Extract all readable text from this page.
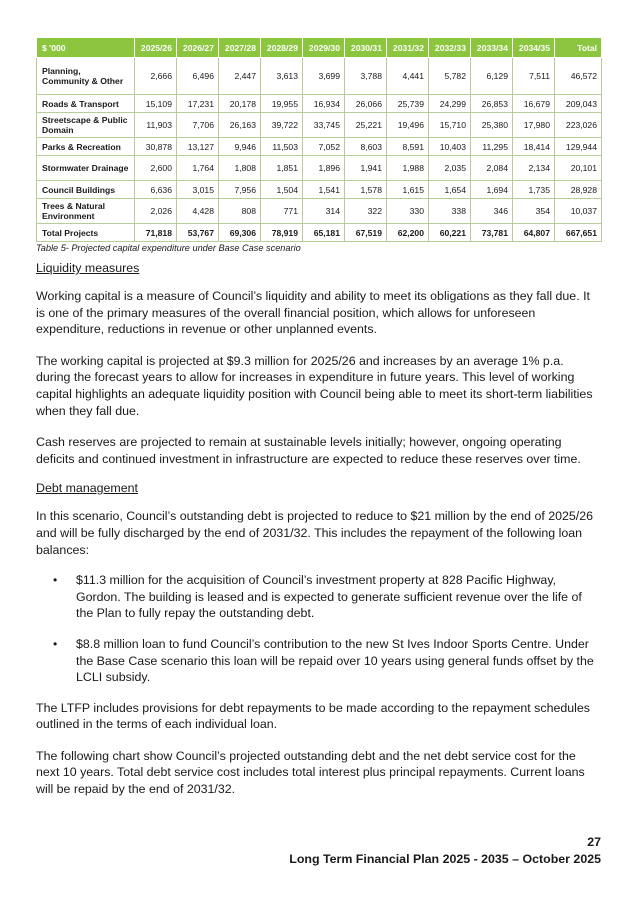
$ '000	2025/26	2026/27	2027/28	2028/29	2029/30	2030/31	2031/32	2032/33	2033/34	2034/35	Total
Planning, Community & Other	2,666	6,496	2,447	3,613	3,699	3,788	4,441	5,782	6,129	7,511	46,572
Roads & Transport	15,109	17,231	20,178	19,955	16,934	26,066	25,739	24,299	26,853	16,679	209,043
Streetscape & Public Domain	11,903	7,706	26,163	39,722	33,745	25,221	19,496	15,710	25,380	17,980	223,026
Parks & Recreation	30,878	13,127	9,946	11,503	7,052	8,603	8,591	10,403	11,295	18,414	129,944
Stormwater Drainage	2,600	1,764	1,808	1,851	1,896	1,941	1,988	2,035	2,084	2,134	20,101
Council Buildings	6,636	3,015	7,956	1,504	1,541	1,578	1,615	1,654	1,694	1,735	28,928
Trees & Natural Environment	2,026	4,428	808	771	314	322	330	338	346	354	10,037
Total Projects	71,818	53,767	69,306	78,919	65,181	67,519	62,200	60,221	73,781	64,807	667,651
Table 5- Projected capital expenditure under Base Case scenario
Liquidity measures

Working capital is a measure of Council’s liquidity and ability to meet its obligations as they fall due. It is one of the primary measures of the overall financial position, which allows for unforeseen expenditure, reductions in revenue or other unplanned events.

The working capital is projected at $9.3 million for 2025/26 and increases by an average 1% p.a. during the forecast years to allow for increases in expenditure in future years. This level of working capital highlights an adequate liquidity position with Council being able to meet its short-term liabilities when they fall due.

Cash reserves are projected to remain at sustainable levels initially; however, ongoing operating deficits and continued investment in infrastructure are expected to reduce these reserves over time.

Debt management

In this scenario, Council’s outstanding debt is projected to reduce to $21 million by the end of 2025/26 and will be fully discharged by the end of 2031/32. This includes the repayment of the following loan balances:

• $11.3 million for the acquisition of Council’s investment property at 828 Pacific Highway, Gordon. The building is leased and is expected to generate sufficient revenue over the life of the Plan to fully repay the outstanding debt.
• $8.8 million loan to fund Council’s contribution to the new St Ives Indoor Sports Centre. Under the Base Case scenario this loan will be repaid over 10 years using general funds offset by the LCLI subsidy.

The LTFP includes provisions for debt repayments to be made according to the repayment schedules outlined in the terms of each individual loan.

The following chart show Council’s projected outstanding debt and the net debt service cost for the next 10 years. Total debt service cost includes total interest plus principal repayments. Current loans will be repaid by the end of 2031/32.

27
Long Term Financial Plan 2025 - 2035 – October 2025
